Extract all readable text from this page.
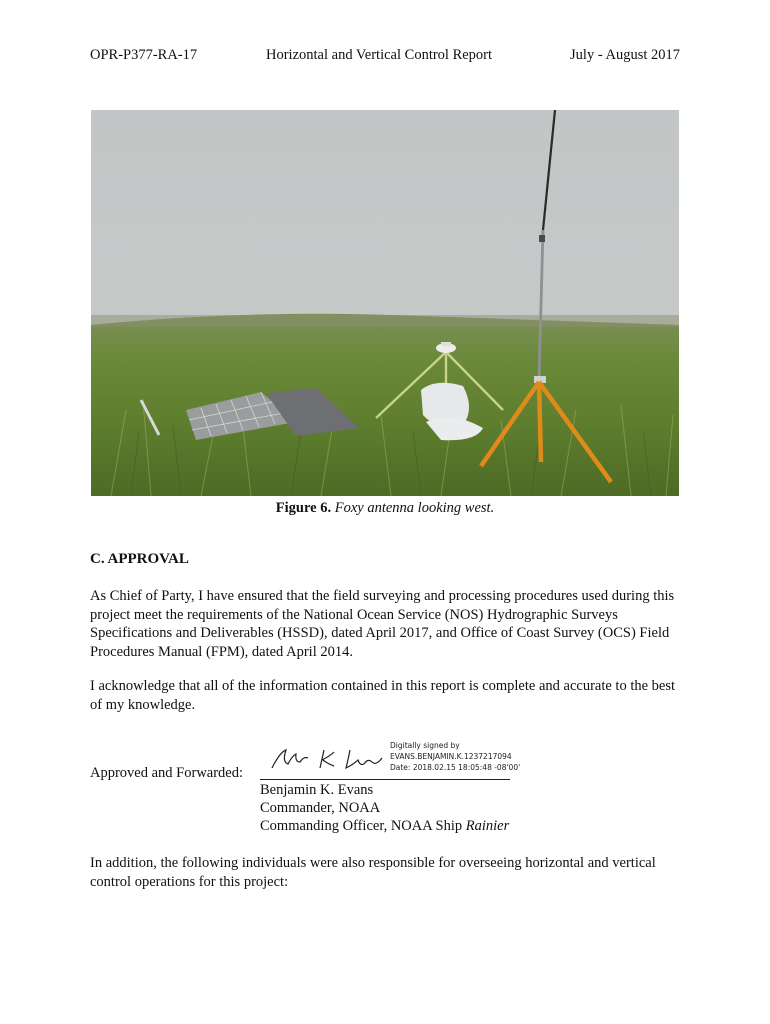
OPR-P377-RA-17	Horizontal and Vertical Control Report	July - August 2017
Figure 6. Foxy antenna looking west.
C. APPROVAL
As Chief of Party, I have ensured that the field surveying and processing procedures used during this project meet the requirements of the National Ocean Service (NOS) Hydrographic Surveys Specifications and Deliverables (HSSD), dated April 2017, and Office of Coast Survey (OCS) Field Procedures Manual (FPM), dated April 2014.
I acknowledge that all of the information contained in this report is complete and accurate to the best of my knowledge.
Approved and Forwarded:
Digitally signed by
EVANS.BENJAMIN.K.1237217094
Date: 2018.02.15 18:05:48 -08'00'
Benjamin K. Evans
Commander, NOAA
Commanding Officer, NOAA Ship Rainier
In addition, the following individuals were also responsible for overseeing horizontal and vertical control operations for this project:
